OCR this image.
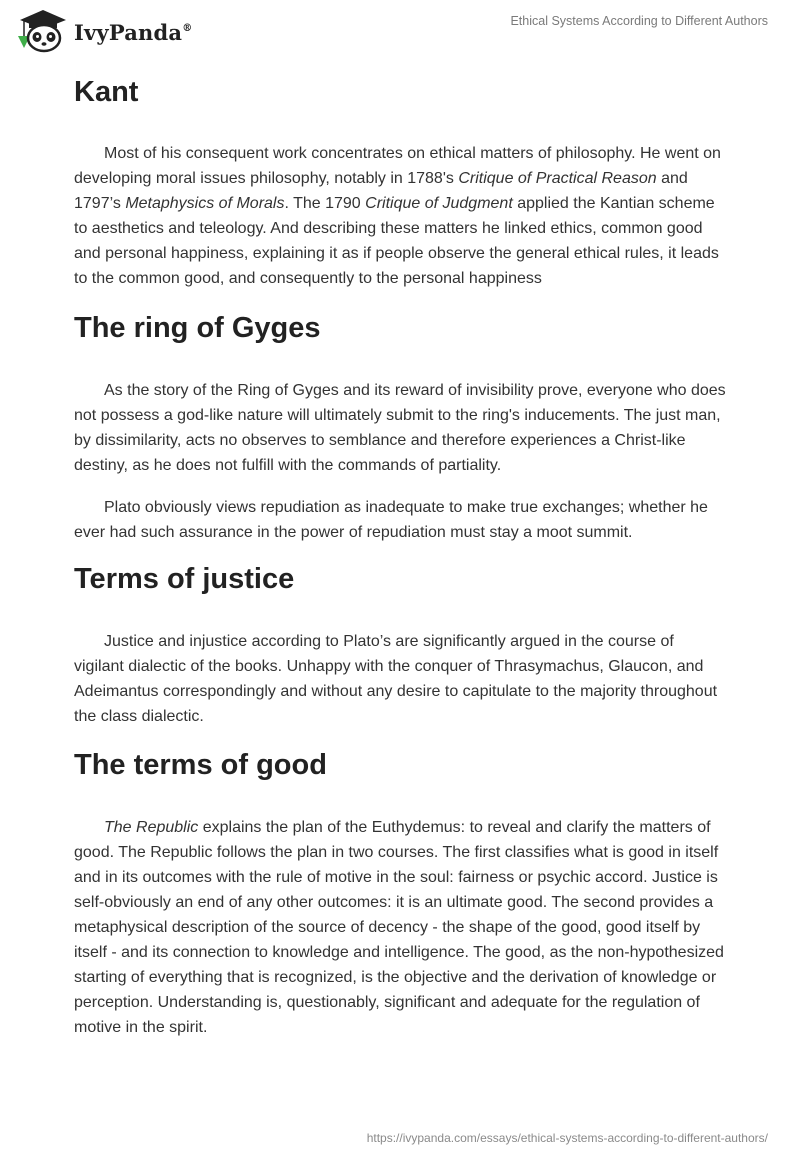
IvyPanda®	Ethical Systems According to Different Authors
Kant

Most of his consequent work concentrates on ethical matters of philosophy. He went on developing moral issues philosophy, notably in 1788's Critique of Practical Reason and 1797’s Metaphysics of Morals. The 1790 Critique of Judgment applied the Kantian scheme to aesthetics and teleology. And describing these matters he linked ethics, common good and personal happiness, explaining it as if people observe the general ethical rules, it leads to the common good, and consequently to the personal happiness

The ring of Gyges

As the story of the Ring of Gyges and its reward of invisibility prove, everyone who does not possess a god-like nature will ultimately submit to the ring's inducements. The just man, by dissimilarity, acts no observes to semblance and therefore experiences a Christ-like destiny, as he does not fulfill with the commands of partiality.

Plato obviously views repudiation as inadequate to make true exchanges; whether he ever had such assurance in the power of repudiation must stay a moot summit.

Terms of justice

Justice and injustice according to Plato’s are significantly argued in the course of vigilant dialectic of the books. Unhappy with the conquer of Thrasymachus, Glaucon, and Adeimantus correspondingly and without any desire to capitulate to the majority throughout the class dialectic.

The terms of good

The Republic explains the plan of the Euthydemus: to reveal and clarify the matters of good. The Republic follows the plan in two courses. The first classifies what is good in itself and in its outcomes with the rule of motive in the soul: fairness or psychic accord. Justice is self-obviously an end of any other outcomes: it is an ultimate good. The second provides a metaphysical description of the source of decency - the shape of the good, good itself by itself - and its connection to knowledge and intelligence. The good, as the non-hypothesized starting of everything that is recognized, is the objective and the derivation of knowledge or perception. Understanding is, questionably, significant and adequate for the regulation of motive in the spirit.

https://ivypanda.com/essays/ethical-systems-according-to-different-authors/
